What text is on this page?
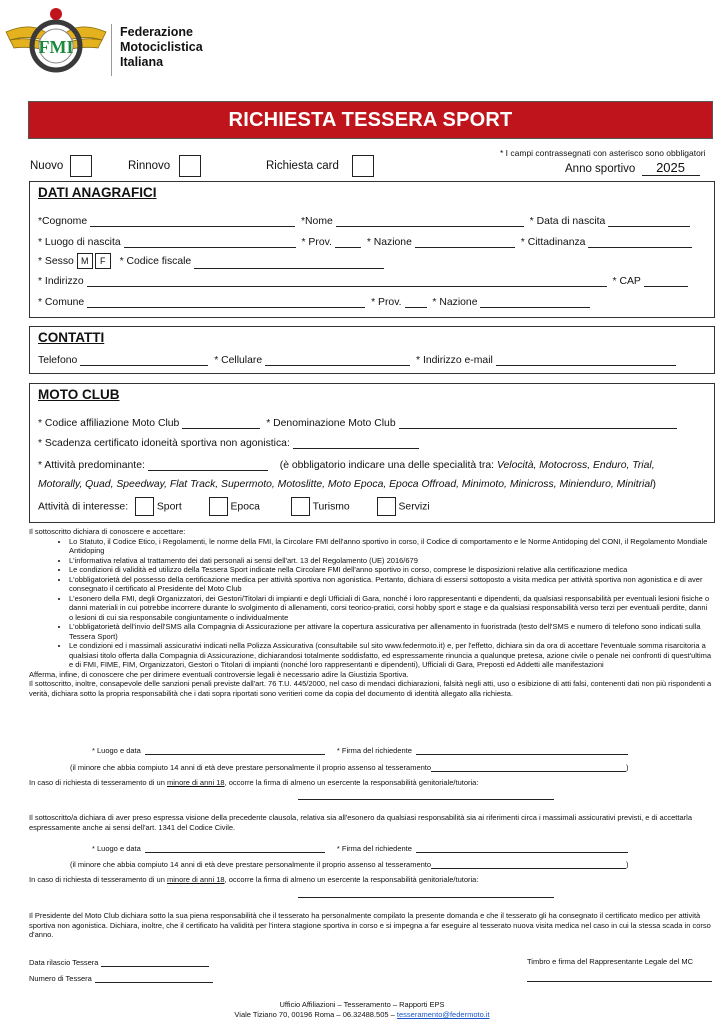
FMI
Federazione
Motociclistica
Italiana
RICHIESTA TESSERA SPORT
* I campi contrassegnati con asterisco sono obbligatori
Nuovo	Rinnovo	Richiesta card	Anno sportivo 2025
DATI ANAGRAFICI
*Cognome	*Nome	* Data di nascita
* Luogo di nascita	* Prov.	* Nazione	* Cittadinanza
* Sesso M F * Codice fiscale
* Indirizzo	* CAP
* Comune	* Prov.	* Nazione
CONTATTI
Telefono	* Cellulare	* Indirizzo e-mail
MOTO CLUB
* Codice affiliazione Moto Club	* Denominazione Moto Club
* Scadenza certificato idoneità sportiva non agonistica:
* Attività predominante:	(è obbligatorio indicare una delle specialità tra: Velocità, Motocross, Enduro, Trial,
Motorally, Quad, Speedway, Flat Track, Supermoto, Motoslitte, Moto Epoca, Epoca Offroad, Minimoto, Minicross, Minienduro, Minitrial)
Attività di interesse:	Sport	Epoca	Turismo	Servizi
Il sottoscritto dichiara di conoscere e accettare:
• Lo Statuto, il Codice Etico, i Regolamenti, le norme della FMI, la Circolare FMI dell'anno sportivo in corso, il Codice di comportamento e le Norme Antidoping del CONI, il Regolamento Mondiale Antidoping
• L'informativa relativa al trattamento dei dati personali ai sensi dell'art. 13 del Regolamento (UE) 2016/679
• Le condizioni di validità ed utilizzo della Tessera Sport indicate nella Circolare FMI dell'anno sportivo in corso, comprese le disposizioni relative alla certificazione medica
• L'obbligatorietà del possesso della certificazione medica per attività sportiva non agonistica. Pertanto, dichiara di essersi sottoposto a visita medica per attività sportiva non agonistica e di aver consegnato il certificato al Presidente del Moto Club
• L'esonero della FMI, degli Organizzatori, dei Gestori/Titolari di impianti e degli Ufficiali di Gara, nonché i loro rappresentanti e dipendenti, da qualsiasi responsabilità per eventuali lesioni fisiche o danni materiali in cui potrebbe incorrere durante lo svolgimento di allenamenti, corsi teorico-pratici, corsi hobby sport e stage e da qualsiasi responsabilità verso terzi per eventuali perdite, danni o lesioni di cui sia responsabile congiuntamente o individualmente
• L'obbligatorietà dell'invio dell'SMS alla Compagnia di Assicurazione per attivare la copertura assicurativa per allenamento in fuoristrada (testo dell'SMS e numero di telefono sono indicati sulla Tessera Sport)
• Le condizioni ed i massimali assicurativi indicati nella Polizza Assicurativa (consultabile sul sito www.federmoto.it) e, per l'effetto, dichiara sin da ora di accettare l'eventuale somma risarcitoria a qualsiasi titolo offerta dalla Compagnia di Assicurazione, dichiarandosi totalmente soddisfatto, ed espressamente rinuncia a qualunque pretesa, azione civile o penale nei confronti di quest'ultima e di FMI, FIME, FIM, Organizzatori, Gestori o Titolari di impianti (nonché loro rappresentanti e dipendenti), Ufficiali di Gara, Preposti ed Addetti alle manifestazioni
Afferma, infine, di conoscere che per dirimere eventuali controversie legali è necessario adire la Giustizia Sportiva.
Il sottoscritto, inoltre, consapevole delle sanzioni penali previste dall'art. 76 T.U. 445/2000, nel caso di mendaci dichiarazioni, falsità negli atti, uso o esibizione di atti falsi, contenenti dati non più rispondenti a verità, dichiara sotto la propria responsabilità che i dati sopra riportati sono veritieri come da copia del documento di identità allegato alla richiesta.
* Luogo e data	* Firma del richiedente
(il minore che abbia compiuto 14 anni di età deve prestare personalmente il proprio assenso al tesseramento	)
In caso di richiesta di tesseramento di un minore di anni 18, occorre la firma di almeno un esercente la responsabilità genitoriale/tutoria:
Il sottoscritto/a dichiara di aver preso espressa visione della precedente clausola, relativa sia all'esonero da qualsiasi responsabilità sia ai riferimenti circa i massimali assicurativi previsti, e di accettarla espressamente anche ai sensi dell'art. 1341 del Codice Civile.
* Luogo e data	* Firma del richiedente
(il minore che abbia compiuto 14 anni di età deve prestare personalmente il proprio assenso al tesseramento	)
In caso di richiesta di tesseramento di un minore di anni 18, occorre la firma di almeno un esercente la responsabilità genitoriale/tutoria:
Il Presidente del Moto Club dichiara sotto la sua piena responsabilità che il tesserato ha personalmente compilato la presente domanda e che il tesserato gli ha consegnato il certificato medico per attività sportiva non agonistica. Dichiara, inoltre, che il certificato ha validità per l'intera stagione sportiva in corso e si impegna a far eseguire al tesserato nuova visita medica nel caso in cui la stessa scada in corso d'anno.
Data rilascio Tessera
Numero di Tessera
Timbro e firma del Rappresentante Legale del MC
Ufficio Affiliazioni – Tesseramento – Rapporti EPS
Viale Tiziano 70, 00196 Roma – 06.32488.505 – tesseramento@federmoto.it
